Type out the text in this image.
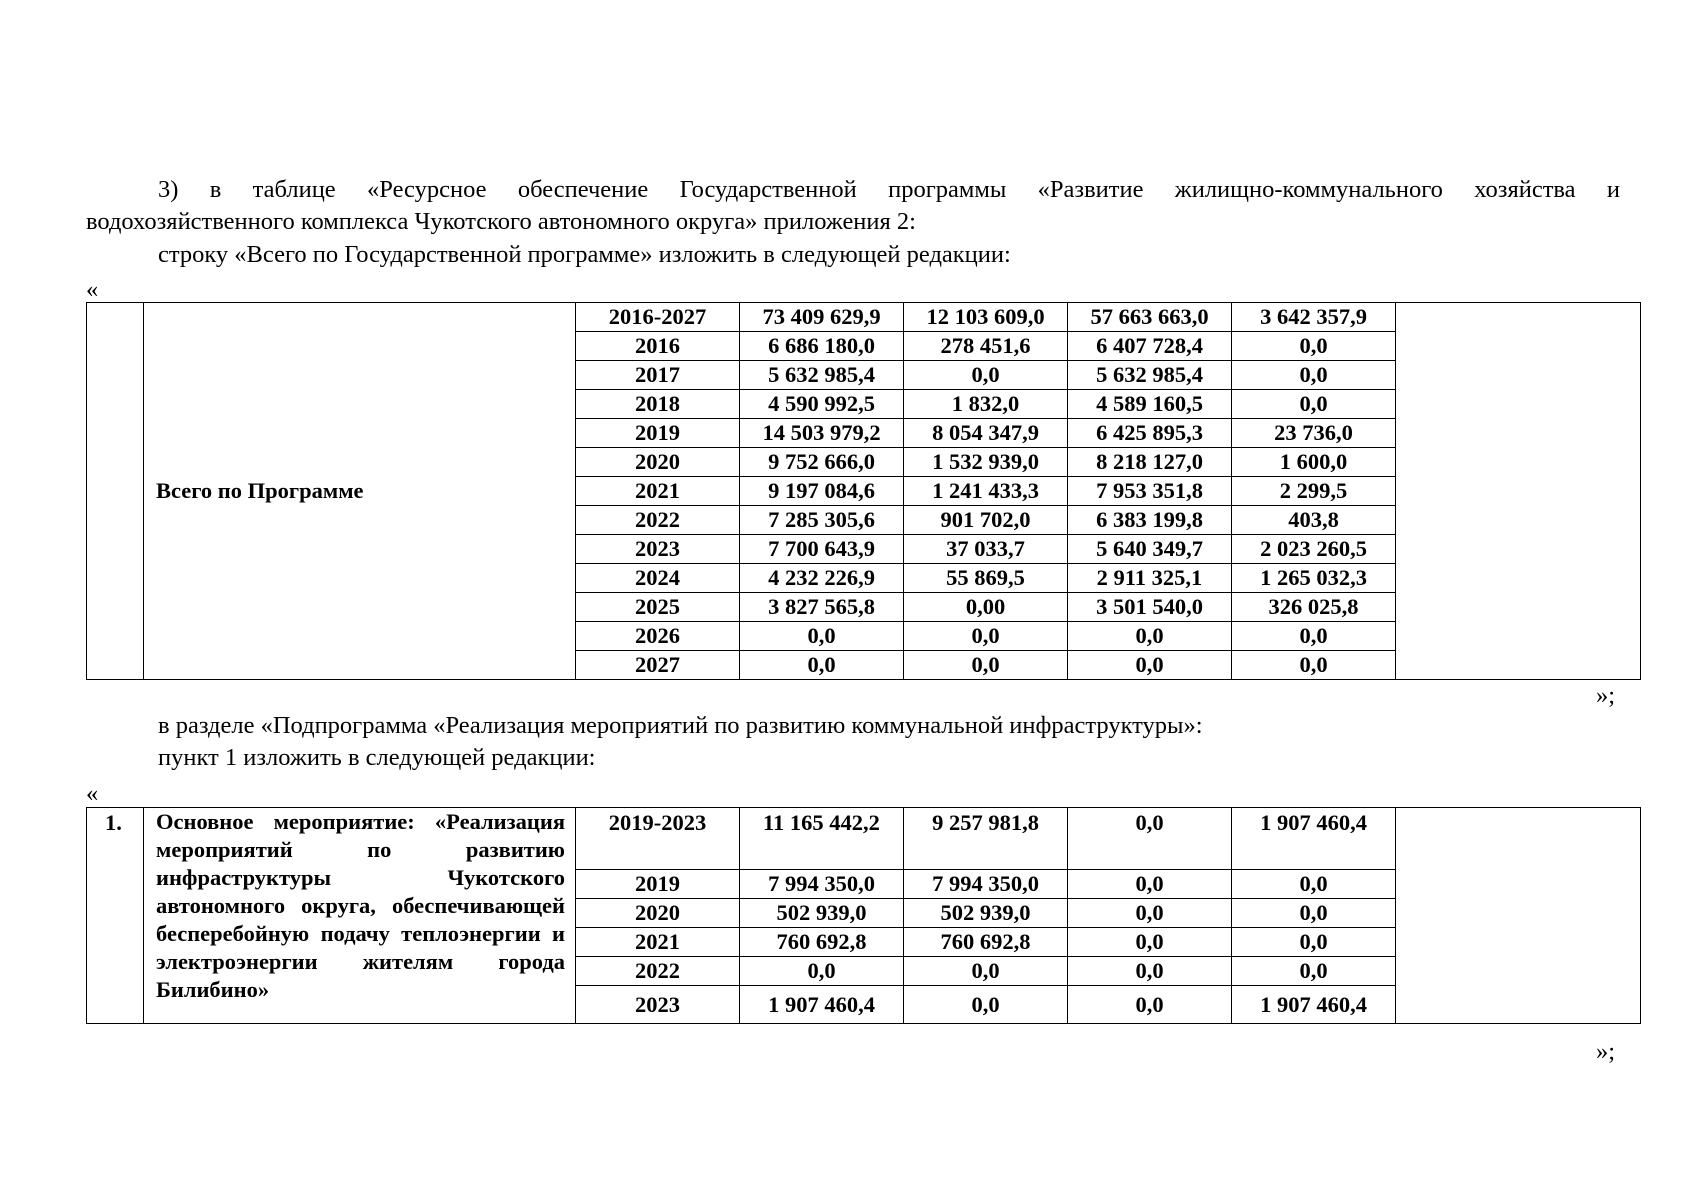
3) в таблице «Ресурсное обеспечение Государственной программы «Развитие жилищно-коммунального хозяйства и

водохозяйственного комплекса Чукотского автономного округа» приложения 2:

строку «Всего по Государственной программе» изложить в следующей редакции:

«
	Всего по Программе	2016-2027	73 409 629,9	12 103 609,0	57 663 663,0	3 642 357,9	
		2016	6 686 180,0	278 451,6	6 407 728,4	0,0	
		2017	5 632 985,4	0,0	5 632 985,4	0,0	
		2018	4 590 992,5	1 832,0	4 589 160,5	0,0	
		2019	14 503 979,2	8 054 347,9	6 425 895,3	23 736,0	
		2020	9 752 666,0	1 532 939,0	8 218 127,0	1 600,0	
		2021	9 197 084,6	1 241 433,3	7 953 351,8	2 299,5	
		2022	7 285 305,6	901 702,0	6 383 199,8	403,8	
		2023	7 700 643,9	37 033,7	5 640 349,7	2 023 260,5	
		2024	4 232 226,9	55 869,5	2 911 325,1	1 265 032,3	
		2025	3 827 565,8	0,00	3 501 540,0	326 025,8	
		2026	0,0	0,0	0,0	0,0	
		2027	0,0	0,0	0,0	0,0	
»;

в разделе «Подпрограмма «Реализация мероприятий по развитию коммунальной инфраструктуры»:

пункт 1 изложить в следующей редакции:

«
1.	Основное мероприятие: «Реализация мероприятий по развитию инфраструктуры Чукотского автономного округа, обеспечивающей бесперебойную подачу теплоэнергии и электроэнергии жителям города Билибино»	2019-2023	11 165 442,2	9 257 981,8	0,0	1 907 460,4	
		2019	7 994 350,0	7 994 350,0	0,0	0,0	
		2020	502 939,0	502 939,0	0,0	0,0	
		2021	760 692,8	760 692,8	0,0	0,0	
		2022	0,0	0,0	0,0	0,0	
		2023	1 907 460,4	0,0	0,0	1 907 460,4	
»;
